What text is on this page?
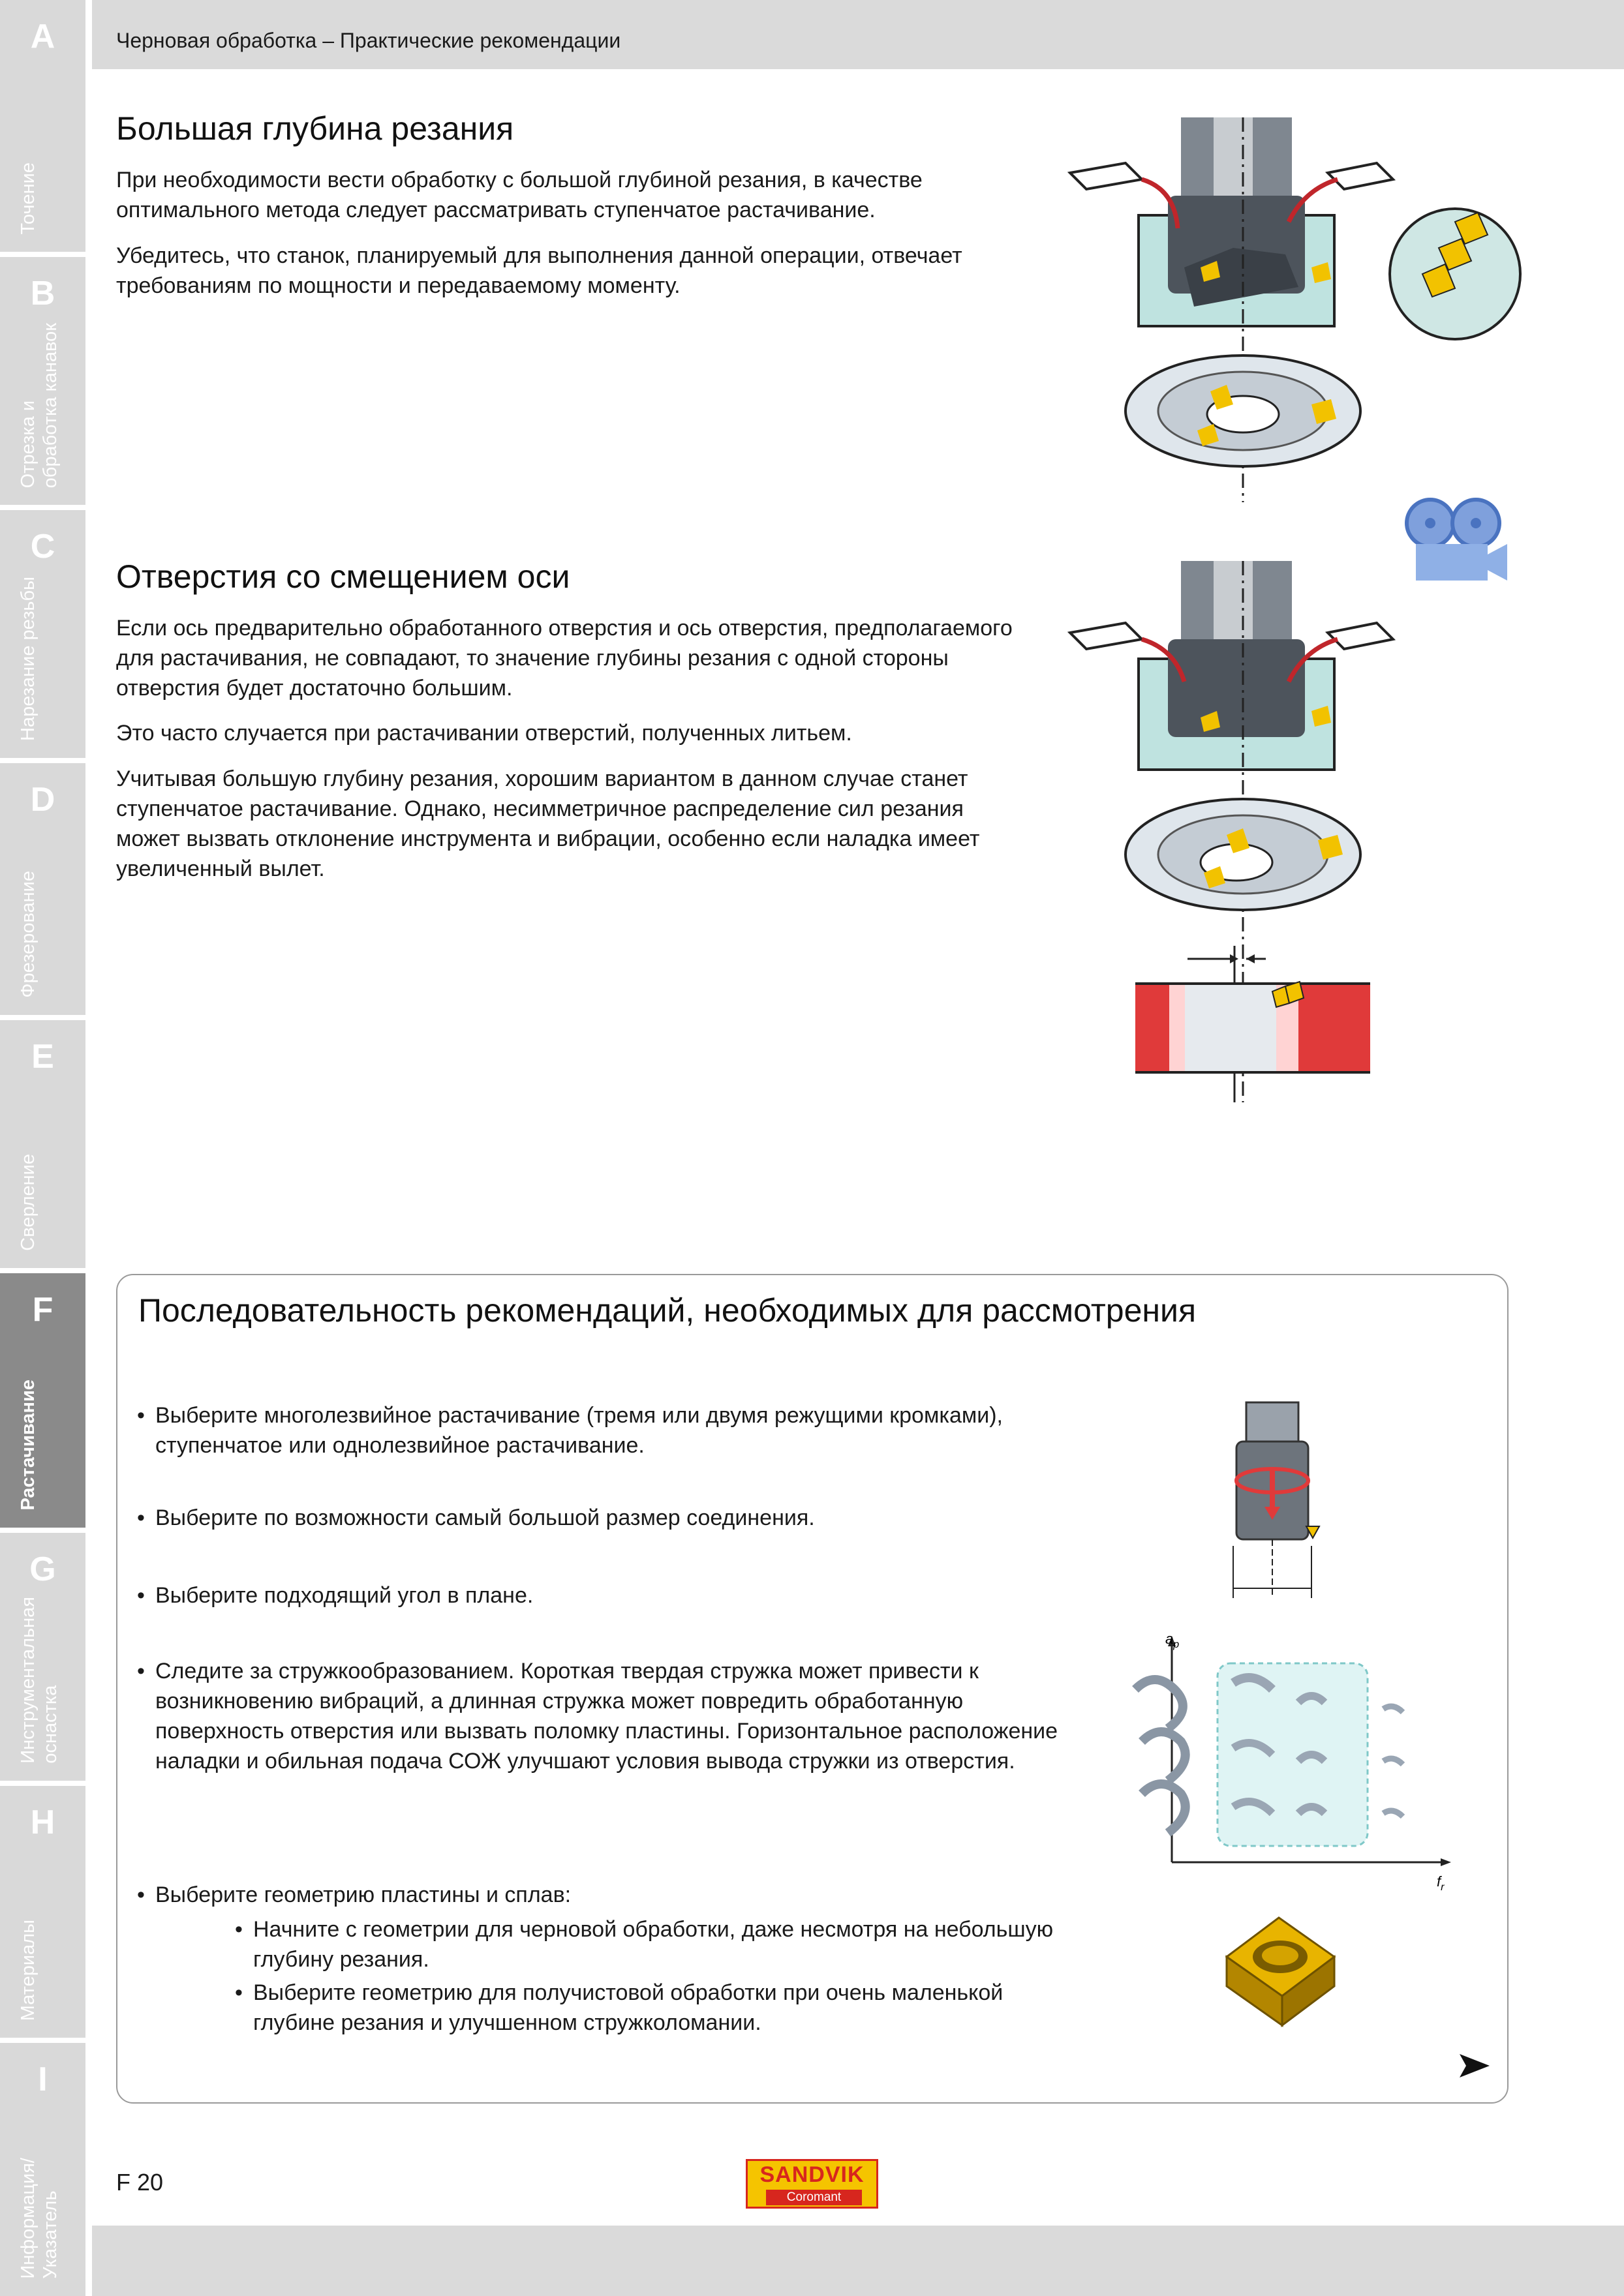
A
Точение
B
Отрезка и
обработка канавок
C
Нарезание резьбы
D
Фрезерование
E
Сверление
F
Растачивание
G
Инструментальная
оснастка
H
Материалы
I
Информация/
Указатель
Черновая обработка – Практические рекомендации
Большая глубина резания

При необходимости вести обработку с большой глубиной резания, в качестве оптимального метода следует рассматривать ступенчатое растачивание.

Убедитесь, что станок, планируемый для выполнения данной операции, отвечает требованиям по мощности и передаваемому моменту.

Отверстия со смещением оси

Если ось предварительно обработанного отверстия и ось отверстия, предполагаемого для растачивания, не совпадают, то значение глубины резания с одной стороны отверстия будет достаточно большим.

Это часто случается при растачивании отверстий, полученных литьем.

Учитывая большую глубину резания, хорошим вариантом в данном случае станет ступенчатое растачивание. Однако, несимметричное распределение сил резания может вызвать отклонение инструмента и вибрации, особенно если наладка имеет увеличенный вылет.

Последовательность рекомендаций, необходимых для рассмотрения
• Выберите многолезвийное растачивание (тремя или двумя режущими кромками), ступенчатое или однолезвийное растачивание.
• Выберите по возможности самый большой размер соединения.
• Выберите подходящий угол в плане.
• Следите за стружкообразованием. Короткая твердая стружка может привести к возникновению вибраций, а длинная стружка может повредить обработанную поверхность отверстия или вызвать поломку пластины. Горизонтальное расположение наладки и обильная подача СОЖ улучшают условия вывода стружки из отверстия.
• Выберите геометрию пластины и сплав:
• Начните с геометрии для черновой обработки, даже несмотря на небольшую глубину резания.
• Выберите геометрию для получистовой обработки при очень маленькой глубине резания и улучшенном стружколомании.
$a_p$
$f_r$
F 20	SANDVIK
Coromant
